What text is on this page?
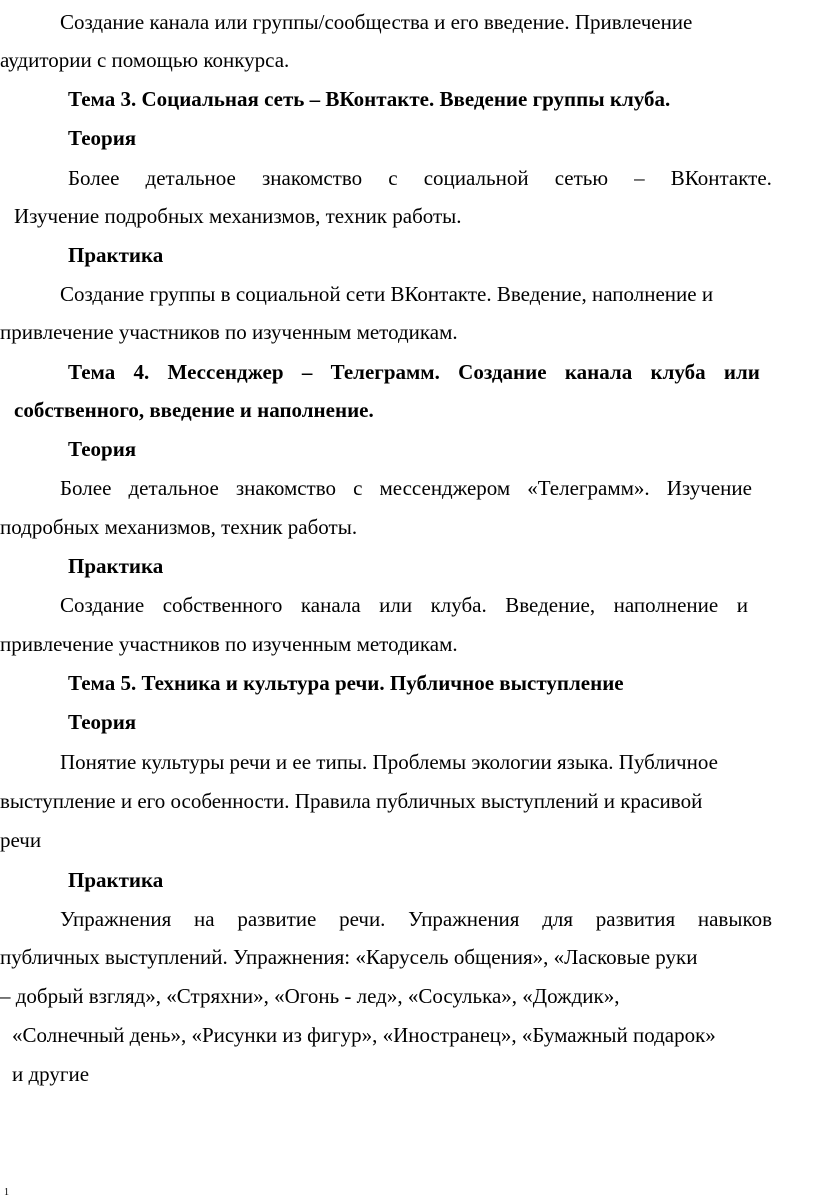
Создание канала или группы/сообщества и его введение. Привлечение
аудитории с помощью конкурса.
Тема 3. Социальная сеть – ВКонтакте. Введение группы клуба.
Теория
Более детальное знакомство с социальной сетью – ВКонтакте.
Изучение подробных механизмов, техник работы.
Практика
Создание группы в социальной сети ВКонтакте. Введение, наполнение и
привлечение участников по изученным методикам.
Тема 4. Мессенджер – Телеграмм. Создание канала клуба или
собственного, введение и наполнение.
Теория
Более детальное знакомство с мессенджером «Телеграмм». Изучение
подробных механизмов, техник работы.
Практика
Создание собственного канала или клуба. Введение, наполнение и
привлечение участников по изученным методикам.
Тема 5. Техника и культура речи. Публичное выступление
Теория
Понятие культуры речи и ее типы. Проблемы экологии языка. Публичное
выступление и его особенности. Правила публичных выступлений и красивой
речи
Практика
Упражнения на развитие речи. Упражнения для развития навыков
публичных выступлений. Упражнения: «Карусель общения», «Ласковые руки
– добрый взгляд», «Стряхни», «Огонь - лед», «Сосулька», «Дождик»,
«Солнечный день», «Рисунки из фигур», «Иностранец», «Бумажный подарок»
и другие
1
